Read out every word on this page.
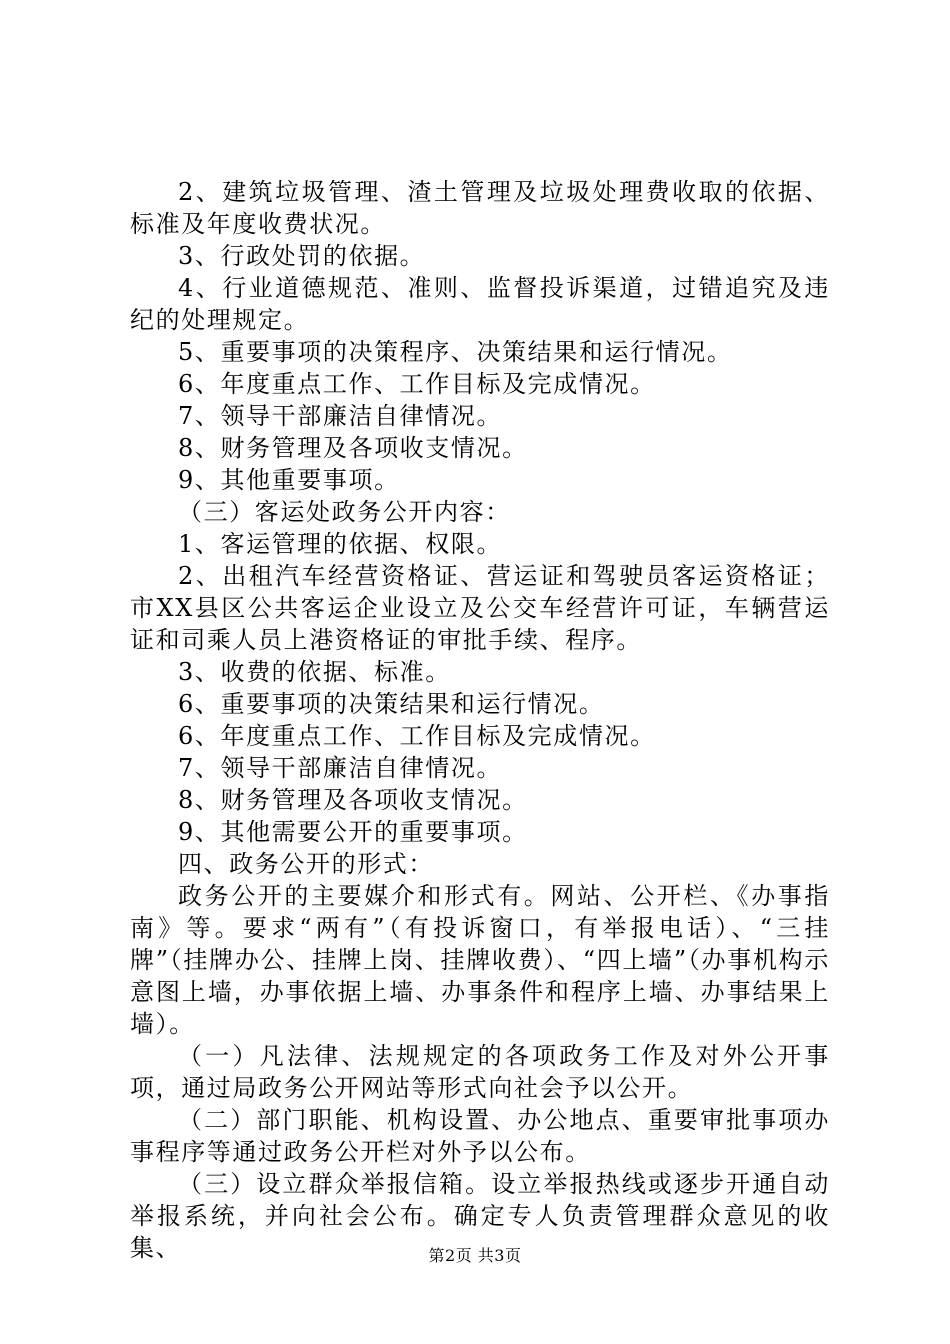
2、建筑垃圾管理、渣土管理及垃圾处理费收取的依据、标准及年度收费状况。

3、行政处罚的依据。

4、行业道德规范、准则、监督投诉渠道，过错追究及违纪的处理规定。

5、重要事项的决策程序、决策结果和运行情况。

6、年度重点工作、工作目标及完成情况。

7、领导干部廉洁自律情况。

8、财务管理及各项收支情况。

9、其他重要事项。

（三）客运处政务公开内容：

1、客运管理的依据、权限。

2、出租汽车经营资格证、营运证和驾驶员客运资格证；市XX县区公共客运企业设立及公交车经营许可证，车辆营运证和司乘人员上港资格证的审批手续、程序。

3、收费的依据、标准。

6、重要事项的决策结果和运行情况。

6、年度重点工作、工作目标及完成情况。

7、领导干部廉洁自律情况。

8、财务管理及各项收支情况。

9、其他需要公开的重要事项。

四、政务公开的形式：

政务公开的主要媒介和形式有。网站、公开栏、《办事指南》等。要求“两有”（有投诉窗口，有举报电话）、“三挂牌”（挂牌办公、挂牌上岗、挂牌收费）、“四上墙”（办事机构示意图上墙，办事依据上墙、办事条件和程序上墙、办事结果上墙）。

（一）凡法律、法规规定的各项政务工作及对外公开事项，通过局政务公开网站等形式向社会予以公开。

（二）部门职能、机构设置、办公地点、重要审批事项办事程序等通过政务公开栏对外予以公布。

（三）设立群众举报信箱。设立举报热线或逐步开通自动举报系统，并向社会公布。确定专人负责管理群众意见的收集、	第2页 共3页
